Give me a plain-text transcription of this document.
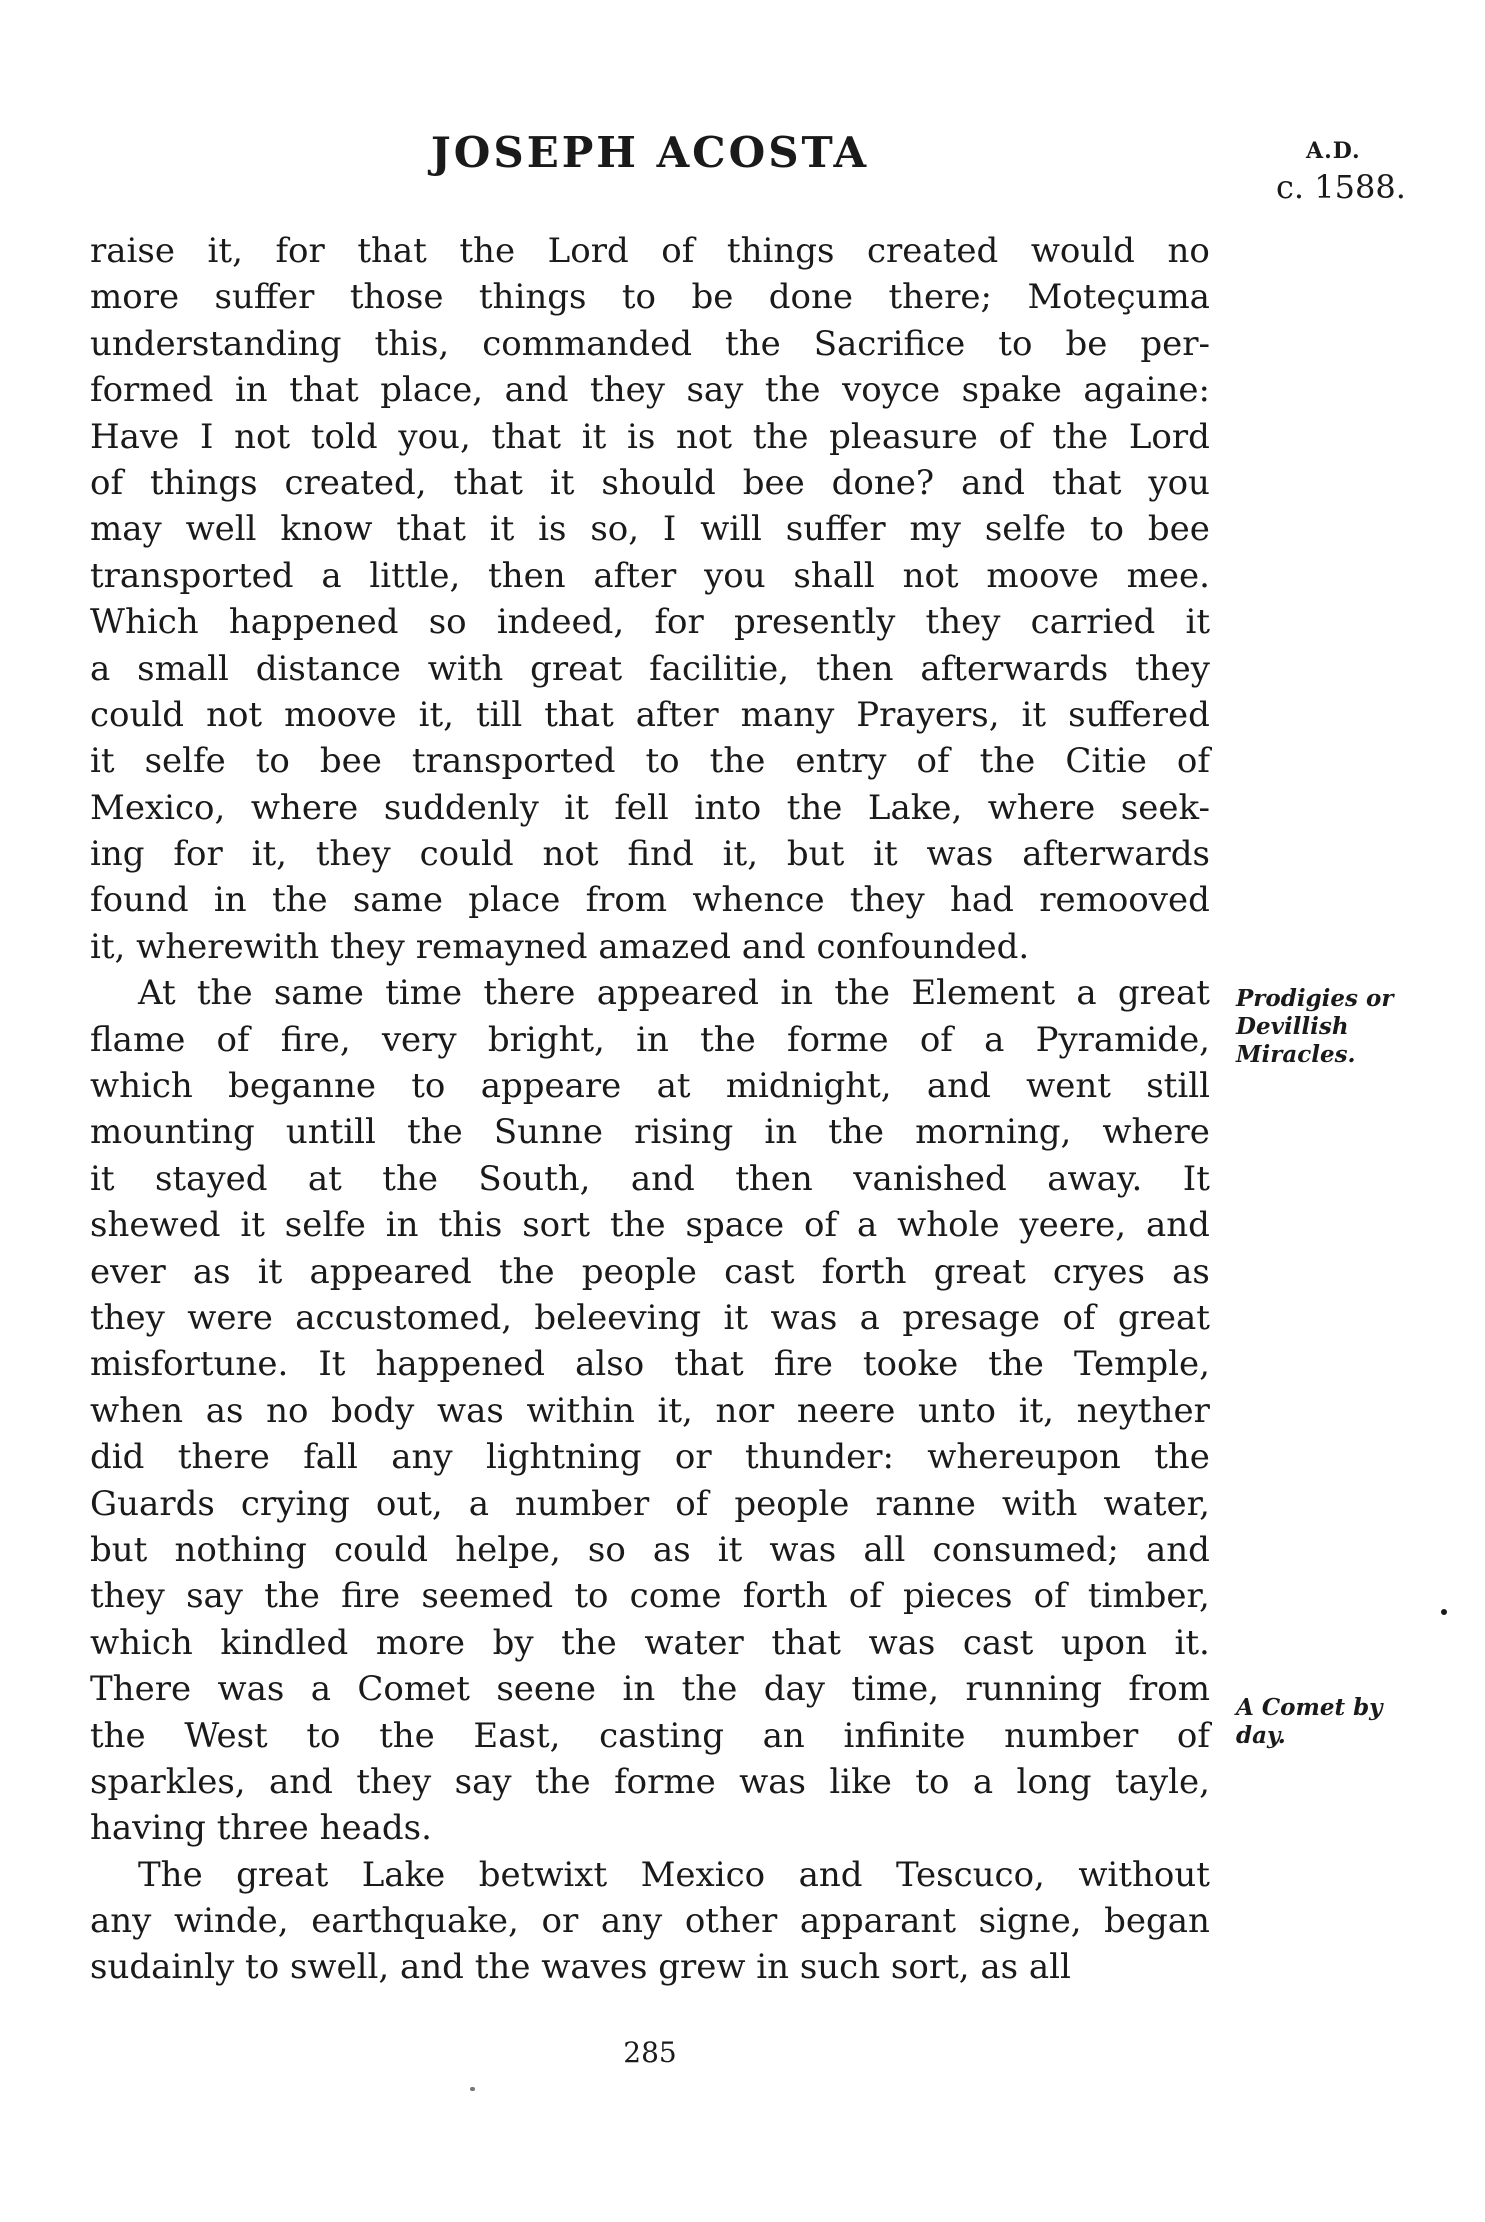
JOSEPH ACOSTA	A.D.
c. 1588.
raise it, for that the Lord of things created would no
more suffer those things to be done there; Moteçuma
understanding this, commanded the Sacrifice to be per-
formed in that place, and they say the voyce spake againe:
Have I not told you, that it is not the pleasure of the Lord
of things created, that it should bee done? and that you
may well know that it is so, I will suffer my selfe to bee
transported a little, then after you shall not moove mee.
Which happened so indeed, for presently they carried it
a small distance with great facilitie, then afterwards they
could not moove it, till that after many Prayers, it suffered
it selfe to bee transported to the entry of the Citie of
Mexico, where suddenly it fell into the Lake, where seek-
ing for it, they could not find it, but it was afterwards
found in the same place from whence they had remooved
it, wherewith they remayned amazed and confounded.
At the same time there appeared in the Element a great
flame of fire, very bright, in the forme of a Pyramide,
which beganne to appeare at midnight, and went still
mounting untill the Sunne rising in the morning, where
it stayed at the South, and then vanished away. It
shewed it selfe in this sort the space of a whole yeere, and
ever as it appeared the people cast forth great cryes as
they were accustomed, beleeving it was a presage of great
misfortune. It happened also that fire tooke the Temple,
when as no body was within it, nor neere unto it, neyther
did there fall any lightning or thunder: whereupon the
Guards crying out, a number of people ranne with water,
but nothing could helpe, so as it was all consumed; and
they say the fire seemed to come forth of pieces of timber,
which kindled more by the water that was cast upon it.
There was a Comet seene in the day time, running from
the West to the East, casting an infinite number of
sparkles, and they say the forme was like to a long tayle,
having three heads.
The great Lake betwixt Mexico and Tescuco, without
any winde, earthquake, or any other apparant signe, began
sudainly to swell, and the waves grew in such sort, as all
Prodigies or
Devillish
Miracles.
A Comet by
day.
285
